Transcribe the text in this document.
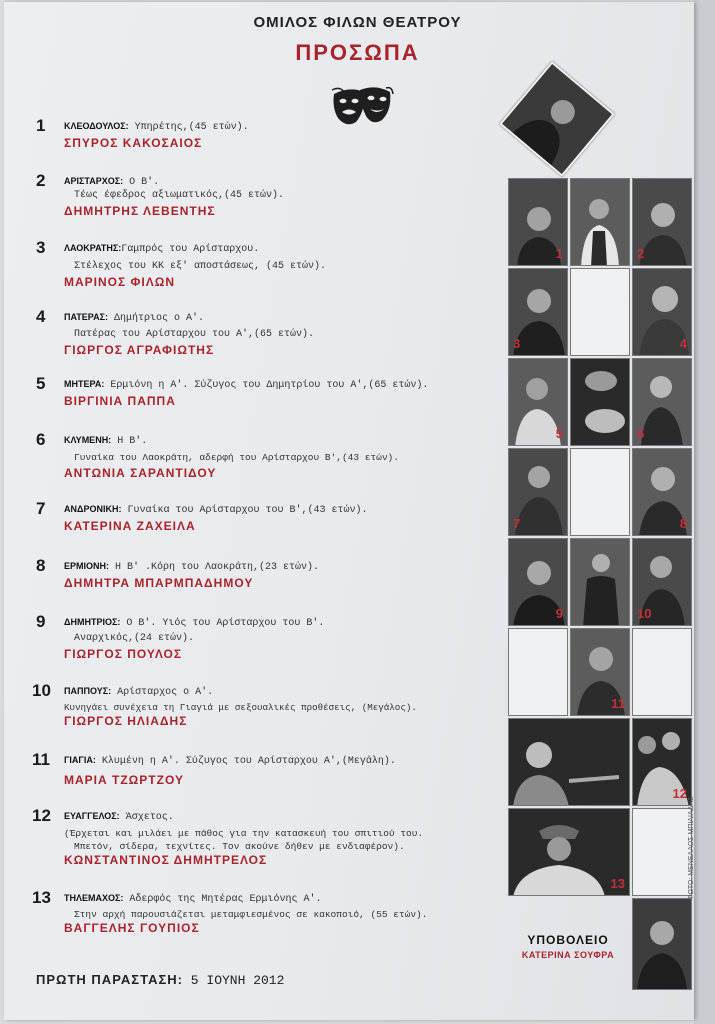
ΟΜΙΛΟΣ ΦΙΛΩΝ ΘΕΑΤΡΟΥ
ΠΡΟΣΩΠΑ
1 ΚΛΕΟΔΟΥΛΟΣ: Υπηρέτης,(45 ετών).
ΣΠΥΡΟΣ ΚΑΚΟΣΑΙΟΣ
2 ΑΡΙΣΤΑΡΧΟΣ: Ο Β'.
Τέως έφεδρος αξιωματικός,(45 ετών).
ΔΗΜΗΤΡΗΣ ΛΕΒΕΝΤΗΣ
3 ΛΑΟΚΡΑΤΗΣ:Γαμπρός του Αρίσταρχου.
Στέλεχος του ΚΚ εξ' αποστάσεως, (45 ετών).
ΜΑΡΙΝΟΣ ΦΙΛΩΝ
4 ΠΑΤΕΡΑΣ: Δημήτριος ο Α'.
Πατέρας του Αρίσταρχου του Α',(65 ετών).
ΓΙΩΡΓΟΣ ΑΓΡΑΦΙΩΤΗΣ
5 ΜΗΤΕΡΑ: Ερμιόνη η Α'. Σύζυγος του Δημητρίου του Α',(65 ετών).
ΒΙΡΓΙΝΙΑ ΠΑΠΠΑ
6 ΚΛΥΜΕΝΗ: Η Β'.
Γυναίκα του Λαοκράτη, αδερφή του Αρίσταρχου Β',(43 ετών).
ΑΝΤΩΝΙΑ ΣΑΡΑΝΤΙΔΟΥ
7 ΑΝΔΡΟΝΙΚΗ: Γυναίκα του Αρίσταρχου του Β',(43 ετών).
ΚΑΤΕΡΙΝΑ ΖΑΧΕΙΛΑ
8 ΕΡΜΙΟΝΗ: Η Β' .Κόρη του Λαοκράτη,(23 ετών).
ΔΗΜΗΤΡΑ ΜΠΑΡΜΠΑΔΗΜΟΥ
9 ΔΗΜΗΤΡΙΟΣ: Ο Β'. Υιός του Αρίσταρχου του Β'.
Αναρχικός,(24 ετών).
ΓΙΩΡΓΟΣ ΠΟΥΛΟΣ
10 ΠΑΠΠΟΥΣ: Αρίσταρχος ο Α'.
Κυνηγάει συνέχεια τη Γιαγιά με σεξουαλικές προθέσεις, (Μεγάλος).
ΓΙΩΡΓΟΣ ΗΛΙΑΔΗΣ
11 ΓΙΑΓΙΑ: Κλυμένη η Α'. Σύζυγος του Αρίσταρχου Α',(Μεγάλη).
ΜΑΡΙΑ ΤΖΩΡΤΖΟΥ
12 ΕΥΑΓΓΕΛΟΣ: Άσχετος.
(Έρχεται και μιλάει με πάθος για την κατασκευή του σπιτιού του.
Μπετόν, σίδερα, τεχνίτες. Τον ακούνε δήθεν με ενδιαφέρον).
ΚΩΝΣΤΑΝΤΙΝΟΣ ΔΗΜΗΤΡΕΛΟΣ
13 ΤΗΛΕΜΑΧΟΣ: Αδερφός της Μητέρας Ερμιόνης Α'.
Στην αρχή παρουσιάζεται μεταμφιεσμένος σε κακοποιό, (55 ετών).
ΒΑΓΓΕΛΗΣ ΓΟΥΠΙΟΣ
ΠΡΩΤΗ ΠΑΡΑΣΤΑΣΗ: 5 ΙΟΥΝΗ 2012
1	2
3	4
5	6
7	8
9	10
11
12
13
ΥΠΟΒΟΛΕΙΟ
ΚΑΤΕΡΙΝΑ ΣΟΥΦΡΑ
ΦΩΤΟ: ΜΕΝΕΛΑΟΣ ΜΠΙΛΙΑΔΗΣ
